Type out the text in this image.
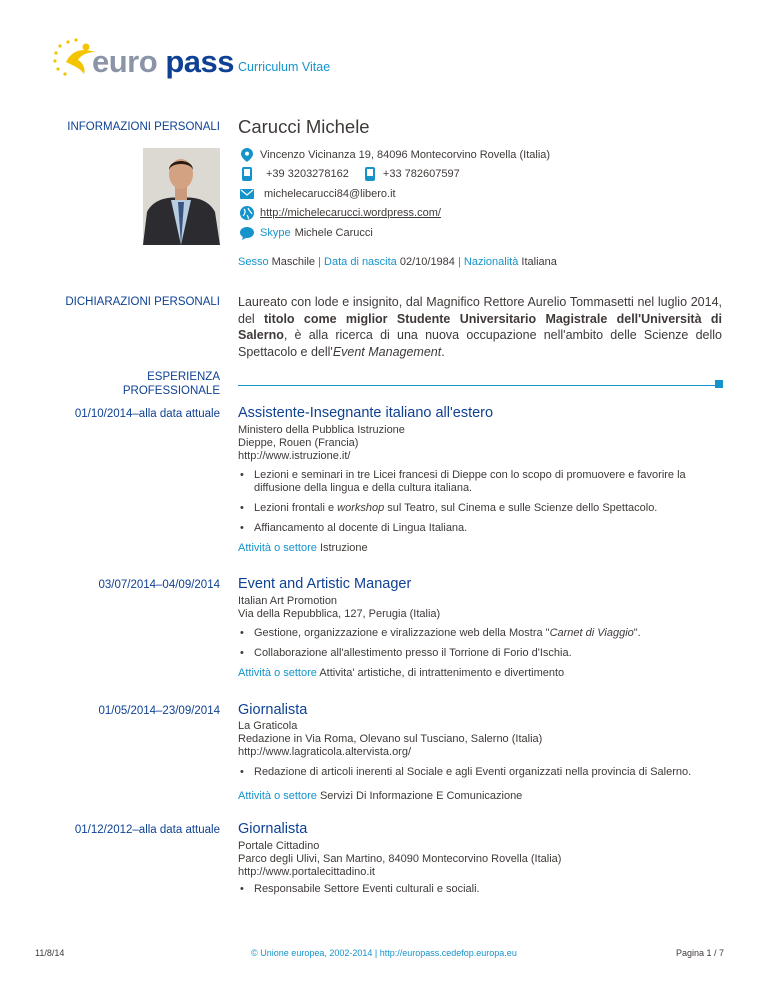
euro pass Curriculum Vitae
INFORMAZIONI PERSONALI Carucci Michele
Vincenzo Vicinanza 19, 84096 Montecorvino Rovella (Italia)
+39 3203278162	+33 782607597
michelecarucci84@libero.it
http://michelecarucci.wordpress.com/
Skype Michele Carucci
Sesso Maschile | Data di nascita 02/10/1984 | Nazionalità Italiana
DICHIARAZIONI PERSONALI Laureato con lode e insignito, dal Magnifico Rettore Aurelio Tommasetti nel luglio 2014, del titolo come miglior Studente Universitario Magistrale dell'Università di Salerno, è alla ricerca di una nuova occupazione nell'ambito delle Scienze dello Spettacolo e dell'Event Management.
ESPERIENZA
PROFESSIONALE
01/10/2014–alla data attuale Assistente-Insegnante italiano all'estero
Ministero della Pubblica Istruzione
Dieppe, Rouen (Francia)
http://www.istruzione.it/
• Lezioni e seminari in tre Licei francesi di Dieppe con lo scopo di promuovere e favorire la diffusione della lingua e della cultura italiana.
• Lezioni frontali e workshop sul Teatro, sul Cinema e sulle Scienze dello Spettacolo.
• Affiancamento al docente di Lingua Italiana.
Attività o settore Istruzione
03/07/2014–04/09/2014 Event and Artistic Manager
Italian Art Promotion
Via della Repubblica, 127, Perugia (Italia)
• Gestione, organizzazione e viralizzazione web della Mostra "Carnet di Viaggio".
• Collaborazione all'allestimento presso il Torrione di Forio d'Ischia.
Attività o settore Attivita' artistiche, di intrattenimento e divertimento
01/05/2014–23/09/2014 Giornalista
La Graticola
Redazione in Via Roma, Olevano sul Tusciano, Salerno (Italia)
http://www.lagraticola.altervista.org/
• Redazione di articoli inerenti al Sociale e agli Eventi organizzati nella provincia di Salerno.
Attività o settore Servizi Di Informazione E Comunicazione
01/12/2012–alla data attuale Giornalista
Portale Cittadino
Parco degli Ulivi, San Martino, 84090 Montecorvino Rovella (Italia)
http://www.portalecittadino.it
• Responsabile Settore Eventi culturali e sociali.
11/8/14	© Unione europea, 2002-2014 | http://europass.cedefop.europa.eu	Pagina 1 / 7
